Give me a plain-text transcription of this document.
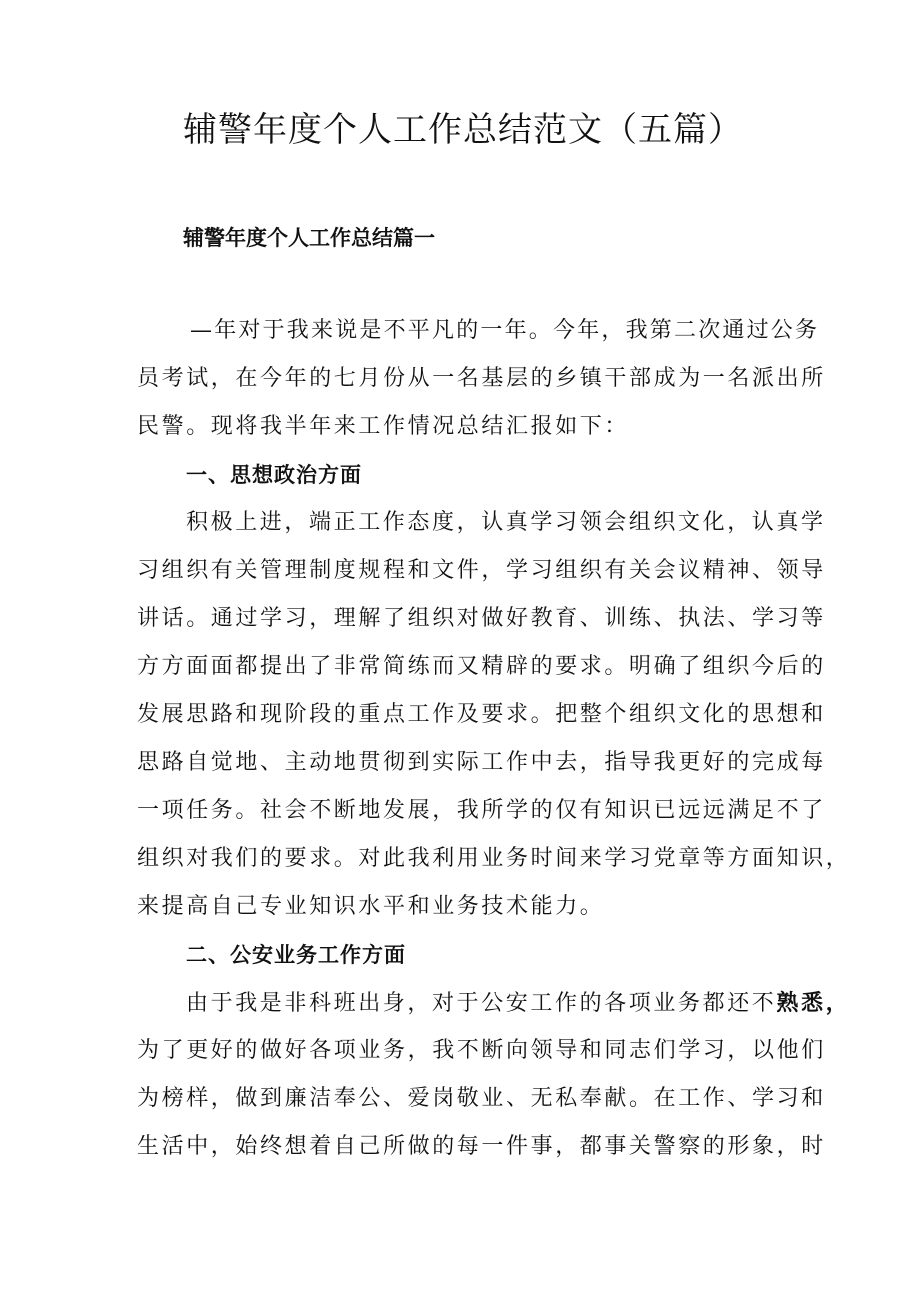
辅警年度个人工作总结范文（五篇）
辅警年度个人工作总结篇一
—年对于我来说是不平凡的一年。今年，我第二次通过公务
员考试，在今年的七月份从一名基层的乡镇干部成为一名派出所
民警。现将我半年来工作情况总结汇报如下：
一、思想政治方面
积极上进，端正工作态度，认真学习领会组织文化，认真学
习组织有关管理制度规程和文件，学习组织有关会议精神、领导
讲话。通过学习，理解了组织对做好教育、训练、执法、学习等
方方面面都提出了非常简练而又精辟的要求。明确了组织今后的
发展思路和现阶段的重点工作及要求。把整个组织文化的思想和
思路自觉地、主动地贯彻到实际工作中去，指导我更好的完成每
一项任务。社会不断地发展，我所学的仅有知识已远远满足不了
组织对我们的要求。对此我利用业务时间来学习党章等方面知识，
来提高自己专业知识水平和业务技术能力。
二、公安业务工作方面
由于我是非科班出身，对于公安工作的各项业务都还不熟悉，
为了更好的做好各项业务，我不断向领导和同志们学习，以他们
为榜样，做到廉洁奉公、爱岗敬业、无私奉献。在工作、学习和
生活中，始终想着自己所做的每一件事，都事关警察的形象，时
